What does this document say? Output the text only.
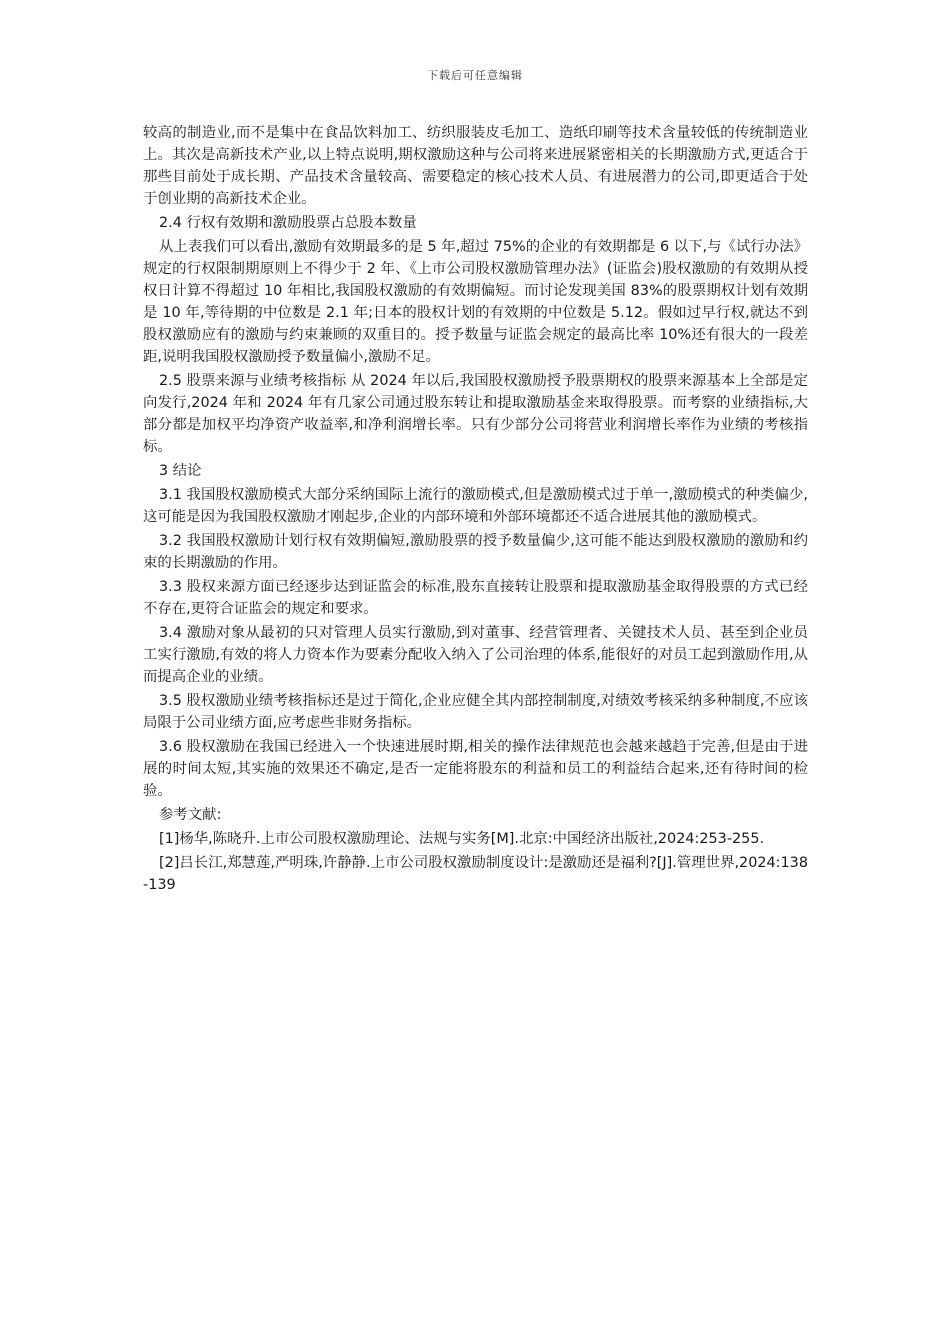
下载后可任意编辑

较高的制造业,而不是集中在食品饮料加工、纺织服装皮毛加工、造纸印刷等技术含量较低的传统制造业上。其次是高新技术产业,以上特点说明,期权激励这种与公司将来进展紧密相关的长期激励方式,更适合于那些目前处于成长期、产品技术含量较高、需要稳定的核心技术人员、有进展潜力的公司,即更适合于处于创业期的高新技术企业。

2.4 行权有效期和激励股票占总股本数量

从上表我们可以看出,激励有效期最多的是 5 年,超过 75%的企业的有效期都是 6 以下,与《试行办法》规定的行权限制期原则上不得少于 2 年、《上市公司股权激励管理办法》(证监会)股权激励的有效期从授权日计算不得超过 10 年相比,我国股权激励的有效期偏短。而讨论发现美国 83%的股票期权计划有效期是 10 年,等待期的中位数是 2.1 年;日本的股权计划的有效期的中位数是 5.12。假如过早行权,就达不到股权激励应有的激励与约束兼顾的双重目的。授予数量与证监会规定的最高比率 10%还有很大的一段差距,说明我国股权激励授予数量偏小,激励不足。

2.5 股票来源与业绩考核指标 从 2024 年以后,我国股权激励授予股票期权的股票来源基本上全部是定向发行,2024 年和 2024 年有几家公司通过股东转让和提取激励基金来取得股票。而考察的业绩指标,大部分都是加权平均净资产收益率,和净利润增长率。只有少部分公司将营业利润增长率作为业绩的考核指标。

3 结论

3.1 我国股权激励模式大部分采纳国际上流行的激励模式,但是激励模式过于单一,激励模式的种类偏少,这可能是因为我国股权激励才刚起步,企业的内部环境和外部环境都还不适合进展其他的激励模式。

3.2 我国股权激励计划行权有效期偏短,激励股票的授予数量偏少,这可能不能达到股权激励的激励和约束的长期激励的作用。

3.3 股权来源方面已经逐步达到证监会的标准,股东直接转让股票和提取激励基金取得股票的方式已经不存在,更符合证监会的规定和要求。

3.4 激励对象从最初的只对管理人员实行激励,到对董事、经营管理者、关键技术人员、甚至到企业员工实行激励,有效的将人力资本作为要素分配收入纳入了公司治理的体系,能很好的对员工起到激励作用,从而提高企业的业绩。

3.5 股权激励业绩考核指标还是过于简化,企业应健全其内部控制制度,对绩效考核采纳多种制度,不应该局限于公司业绩方面,应考虑些非财务指标。

3.6 股权激励在我国已经进入一个快速进展时期,相关的操作法律规范也会越来越趋于完善,但是由于进展的时间太短,其实施的效果还不确定,是否一定能将股东的利益和员工的利益结合起来,还有待时间的检验。

参考文献:

[1]杨华,陈晓升.上市公司股权激励理论、法规与实务[M].北京:中国经济出版社,2024:253-255.

[2]吕长江,郑慧莲,严明珠,许静静.上市公司股权激励制度设计:是激励还是福利?[J].管理世界,2024:138-139
